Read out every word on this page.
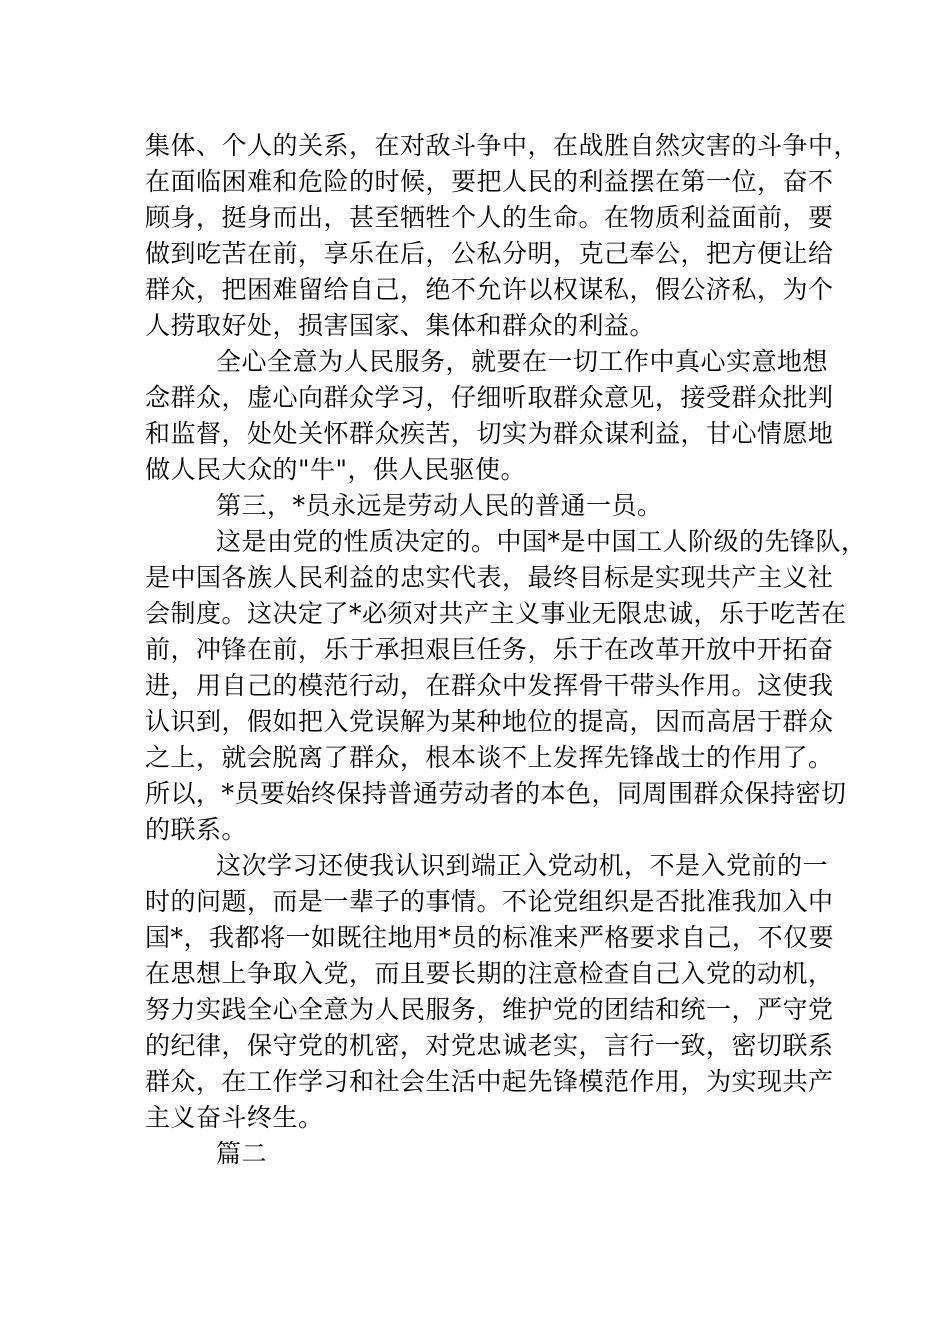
集体、个人的关系，在对敌斗争中，在战胜自然灾害的斗争中，
在面临困难和危险的时候，要把人民的利益摆在第一位，奋不
顾身，挺身而出，甚至牺牲个人的生命。在物质利益面前，要
做到吃苦在前，享乐在后，公私分明，克己奉公，把方便让给
群众，把困难留给自己，绝不允许以权谋私，假公济私，为个
人捞取好处，损害国家、集体和群众的利益。
全心全意为人民服务，就要在一切工作中真心实意地想
念群众，虚心向群众学习，仔细听取群众意见，接受群众批判
和监督，处处关怀群众疾苦，切实为群众谋利益，甘心情愿地
做人民大众的"牛"，供人民驱使。
第三，*员永远是劳动人民的普通一员。
这是由党的性质决定的。中国*是中国工人阶级的先锋队，
是中国各族人民利益的忠实代表，最终目标是实现共产主义社
会制度。这决定了*必须对共产主义事业无限忠诚，乐于吃苦在
前，冲锋在前，乐于承担艰巨任务，乐于在改革开放中开拓奋
进，用自己的模范行动，在群众中发挥骨干带头作用。这使我
认识到，假如把入党误解为某种地位的提高，因而高居于群众
之上，就会脱离了群众，根本谈不上发挥先锋战士的作用了。
所以，*员要始终保持普通劳动者的本色，同周围群众保持密切
的联系。
这次学习还使我认识到端正入党动机，不是入党前的一
时的问题，而是一辈子的事情。不论党组织是否批准我加入中
国*，我都将一如既往地用*员的标准来严格要求自己，不仅要
在思想上争取入党，而且要长期的注意检查自己入党的动机，
努力实践全心全意为人民服务，维护党的团结和统一，严守党
的纪律，保守党的机密，对党忠诚老实，言行一致，密切联系
群众，在工作学习和社会生活中起先锋模范作用，为实现共产
主义奋斗终生。
篇二
